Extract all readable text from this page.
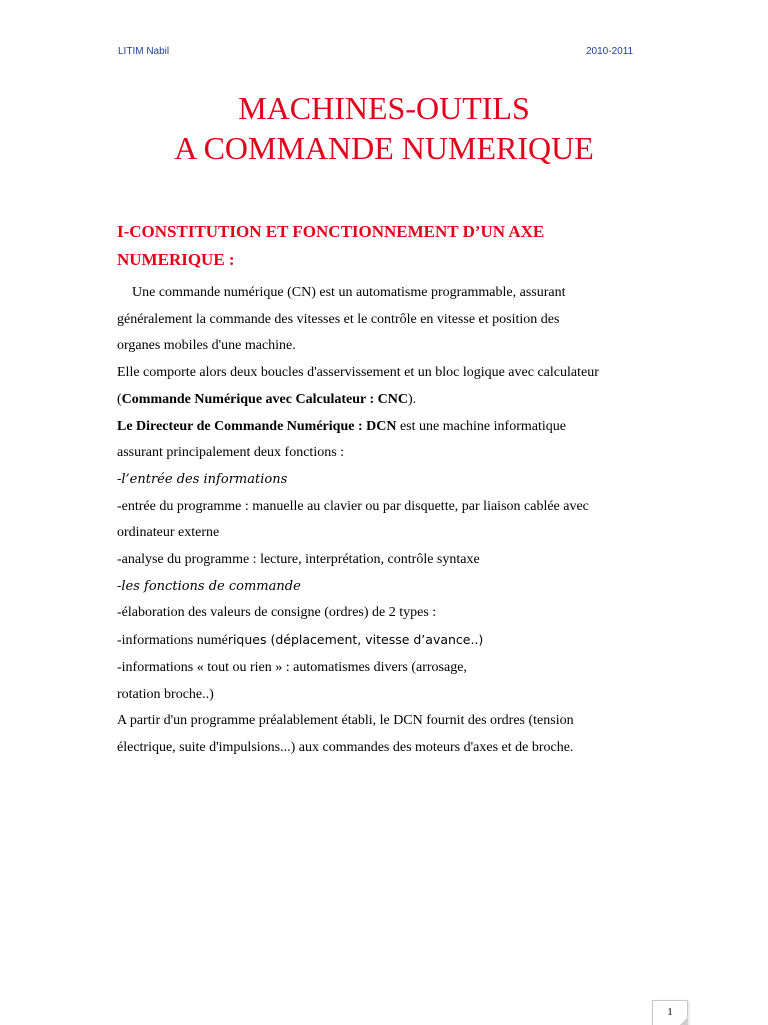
LITIM Nabil	2010-2011
MACHINES-OUTILS
A COMMANDE NUMERIQUE
I-CONSTITUTION ET FONCTIONNEMENT D’UN AXE
NUMERIQUE :
Une commande numérique (CN) est un automatisme programmable, assurant
généralement la commande des vitesses et le contrôle en vitesse et position des
organes mobiles d'une machine.
Elle comporte alors deux boucles d'asservissement et un bloc logique avec calculateur
(Commande Numérique avec Calculateur : CNC).
Le Directeur de Commande Numérique : DCN est une machine informatique
assurant principalement deux fonctions :
-l’entrée des informations
-entrée du programme : manuelle au clavier ou par disquette, par liaison cablée avec
ordinateur externe
-analyse du programme : lecture, interprétation, contrôle syntaxe
-les fonctions de commande
-élaboration des valeurs de consigne (ordres) de 2 types :
-informations numériques (déplacement, vitesse d’avance..)
-informations « tout ou rien » : automatismes divers (arrosage,
rotation broche..)
A partir d'un programme préalablement établi, le DCN fournit des ordres (tension
électrique, suite d'impulsions...) aux commandes des moteurs d'axes et de broche.
1
